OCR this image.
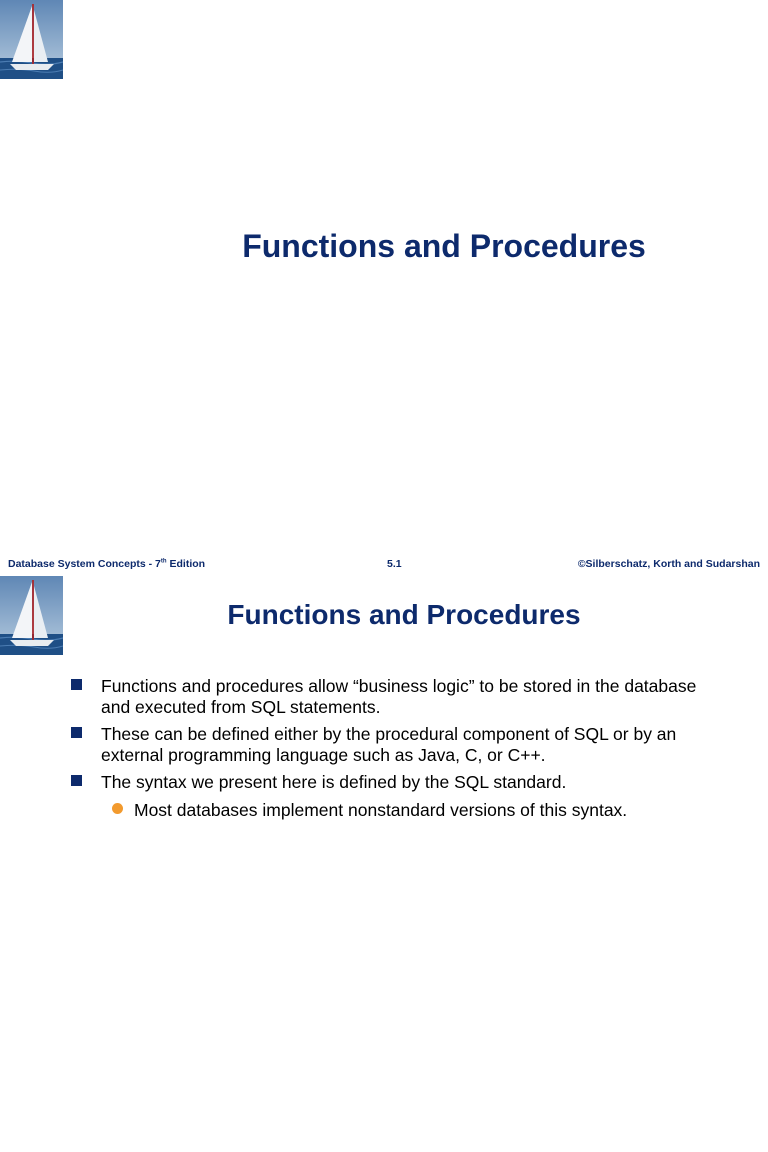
Functions and Procedures
Database System Concepts - 7th Edition	5.1	©Silberschatz, Korth and Sudarshan
Functions and Procedures
Functions and procedures allow “business logic” to be stored in the database and executed from SQL statements.
These can be defined either by the procedural component of SQL or by an external programming language such as Java, C, or C++.
The syntax we present here is defined by the SQL standard.
Most databases implement nonstandard versions of this syntax.
